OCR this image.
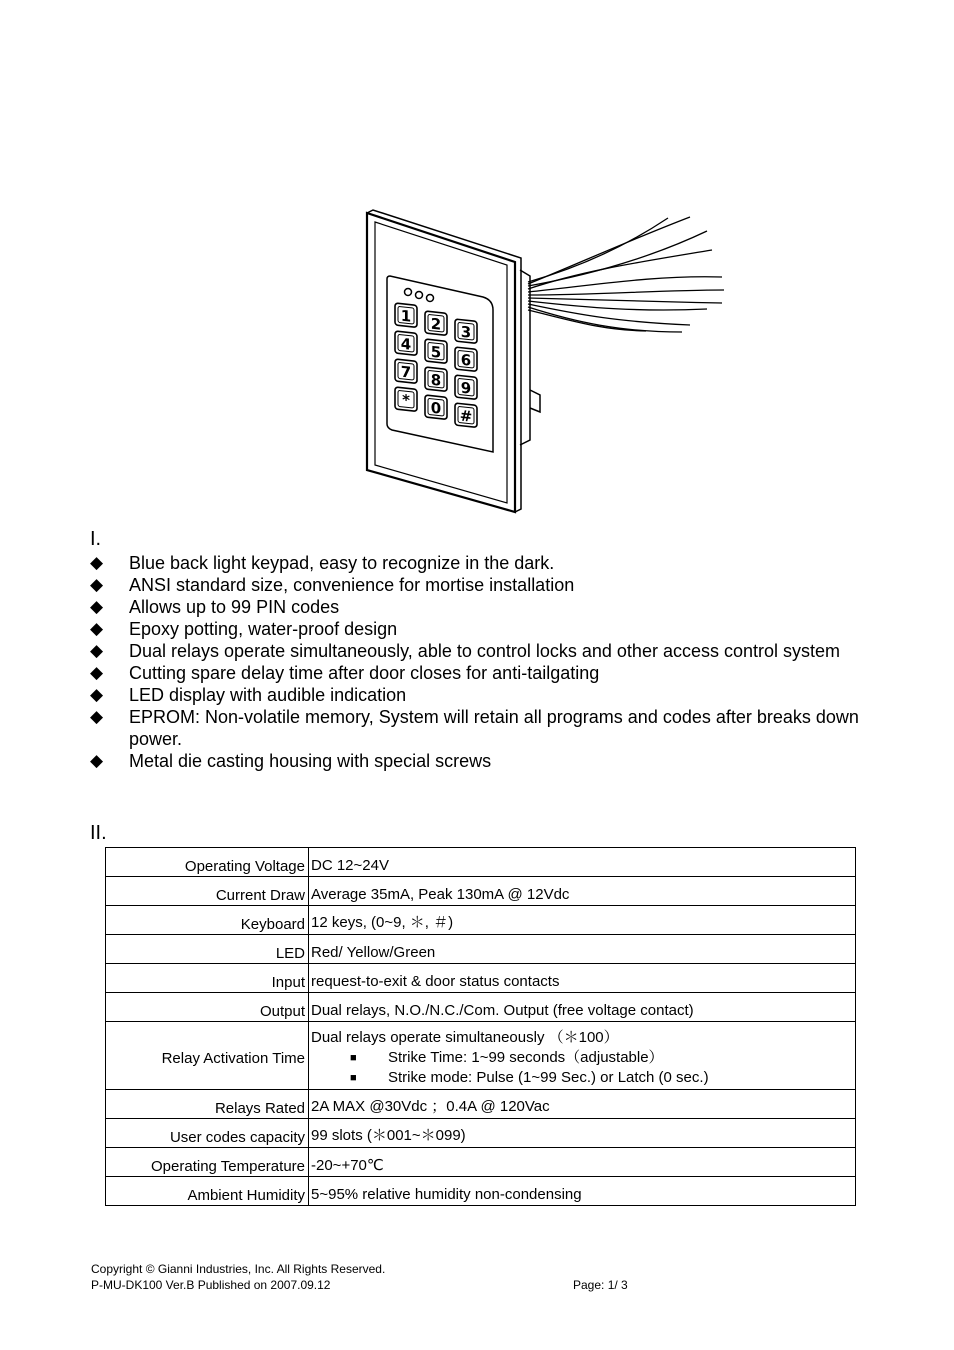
1 2 3
4 5 6
7 8 9
* 0 #
I.
◆ Blue back light keypad, easy to recognize in the dark.
◆ ANSI standard size, convenience for mortise installation
◆ Allows up to 99 PIN codes
◆ Epoxy potting, water-proof design
◆ Dual relays operate simultaneously, able to control locks and other access control system
◆ Cutting spare delay time after door closes for anti-tailgating
◆ LED display with audible indication
◆ EPROM: Non-volatile memory, System will retain all programs and codes after breaks down power.
◆ Metal die casting housing with special screws
II.
Operating Voltage	DC 12~24V

Current Draw	Average 35mA, Peak 130mA @ 12Vdc

Keyboard	12 keys, (0~9, ＊, ＃)

LED	Red/ Yellow/Green

Input	request-to-exit & door status contacts

Output	Dual relays, N.O./N.C./Com. Output (free voltage contact)

Relay Activation Time	Dual relays operate simultaneously （＊100）
■ Strike Time: 1~99 seconds（adjustable）
■ Strike mode: Pulse (1~99 Sec.) or Latch (0 sec.)

Relays Rated	2A MAX @30Vdc ；0.4A @ 120Vac

User codes capacity	99 slots (＊001~＊099)

Operating Temperature	-20~+70℃

Ambient Humidity	5~95% relative humidity non-condensing
Copyright © Gianni Industries, Inc. All Rights Reserved.
P-MU-DK100 Ver.B Published on 2007.09.12	Page: 1/ 3
